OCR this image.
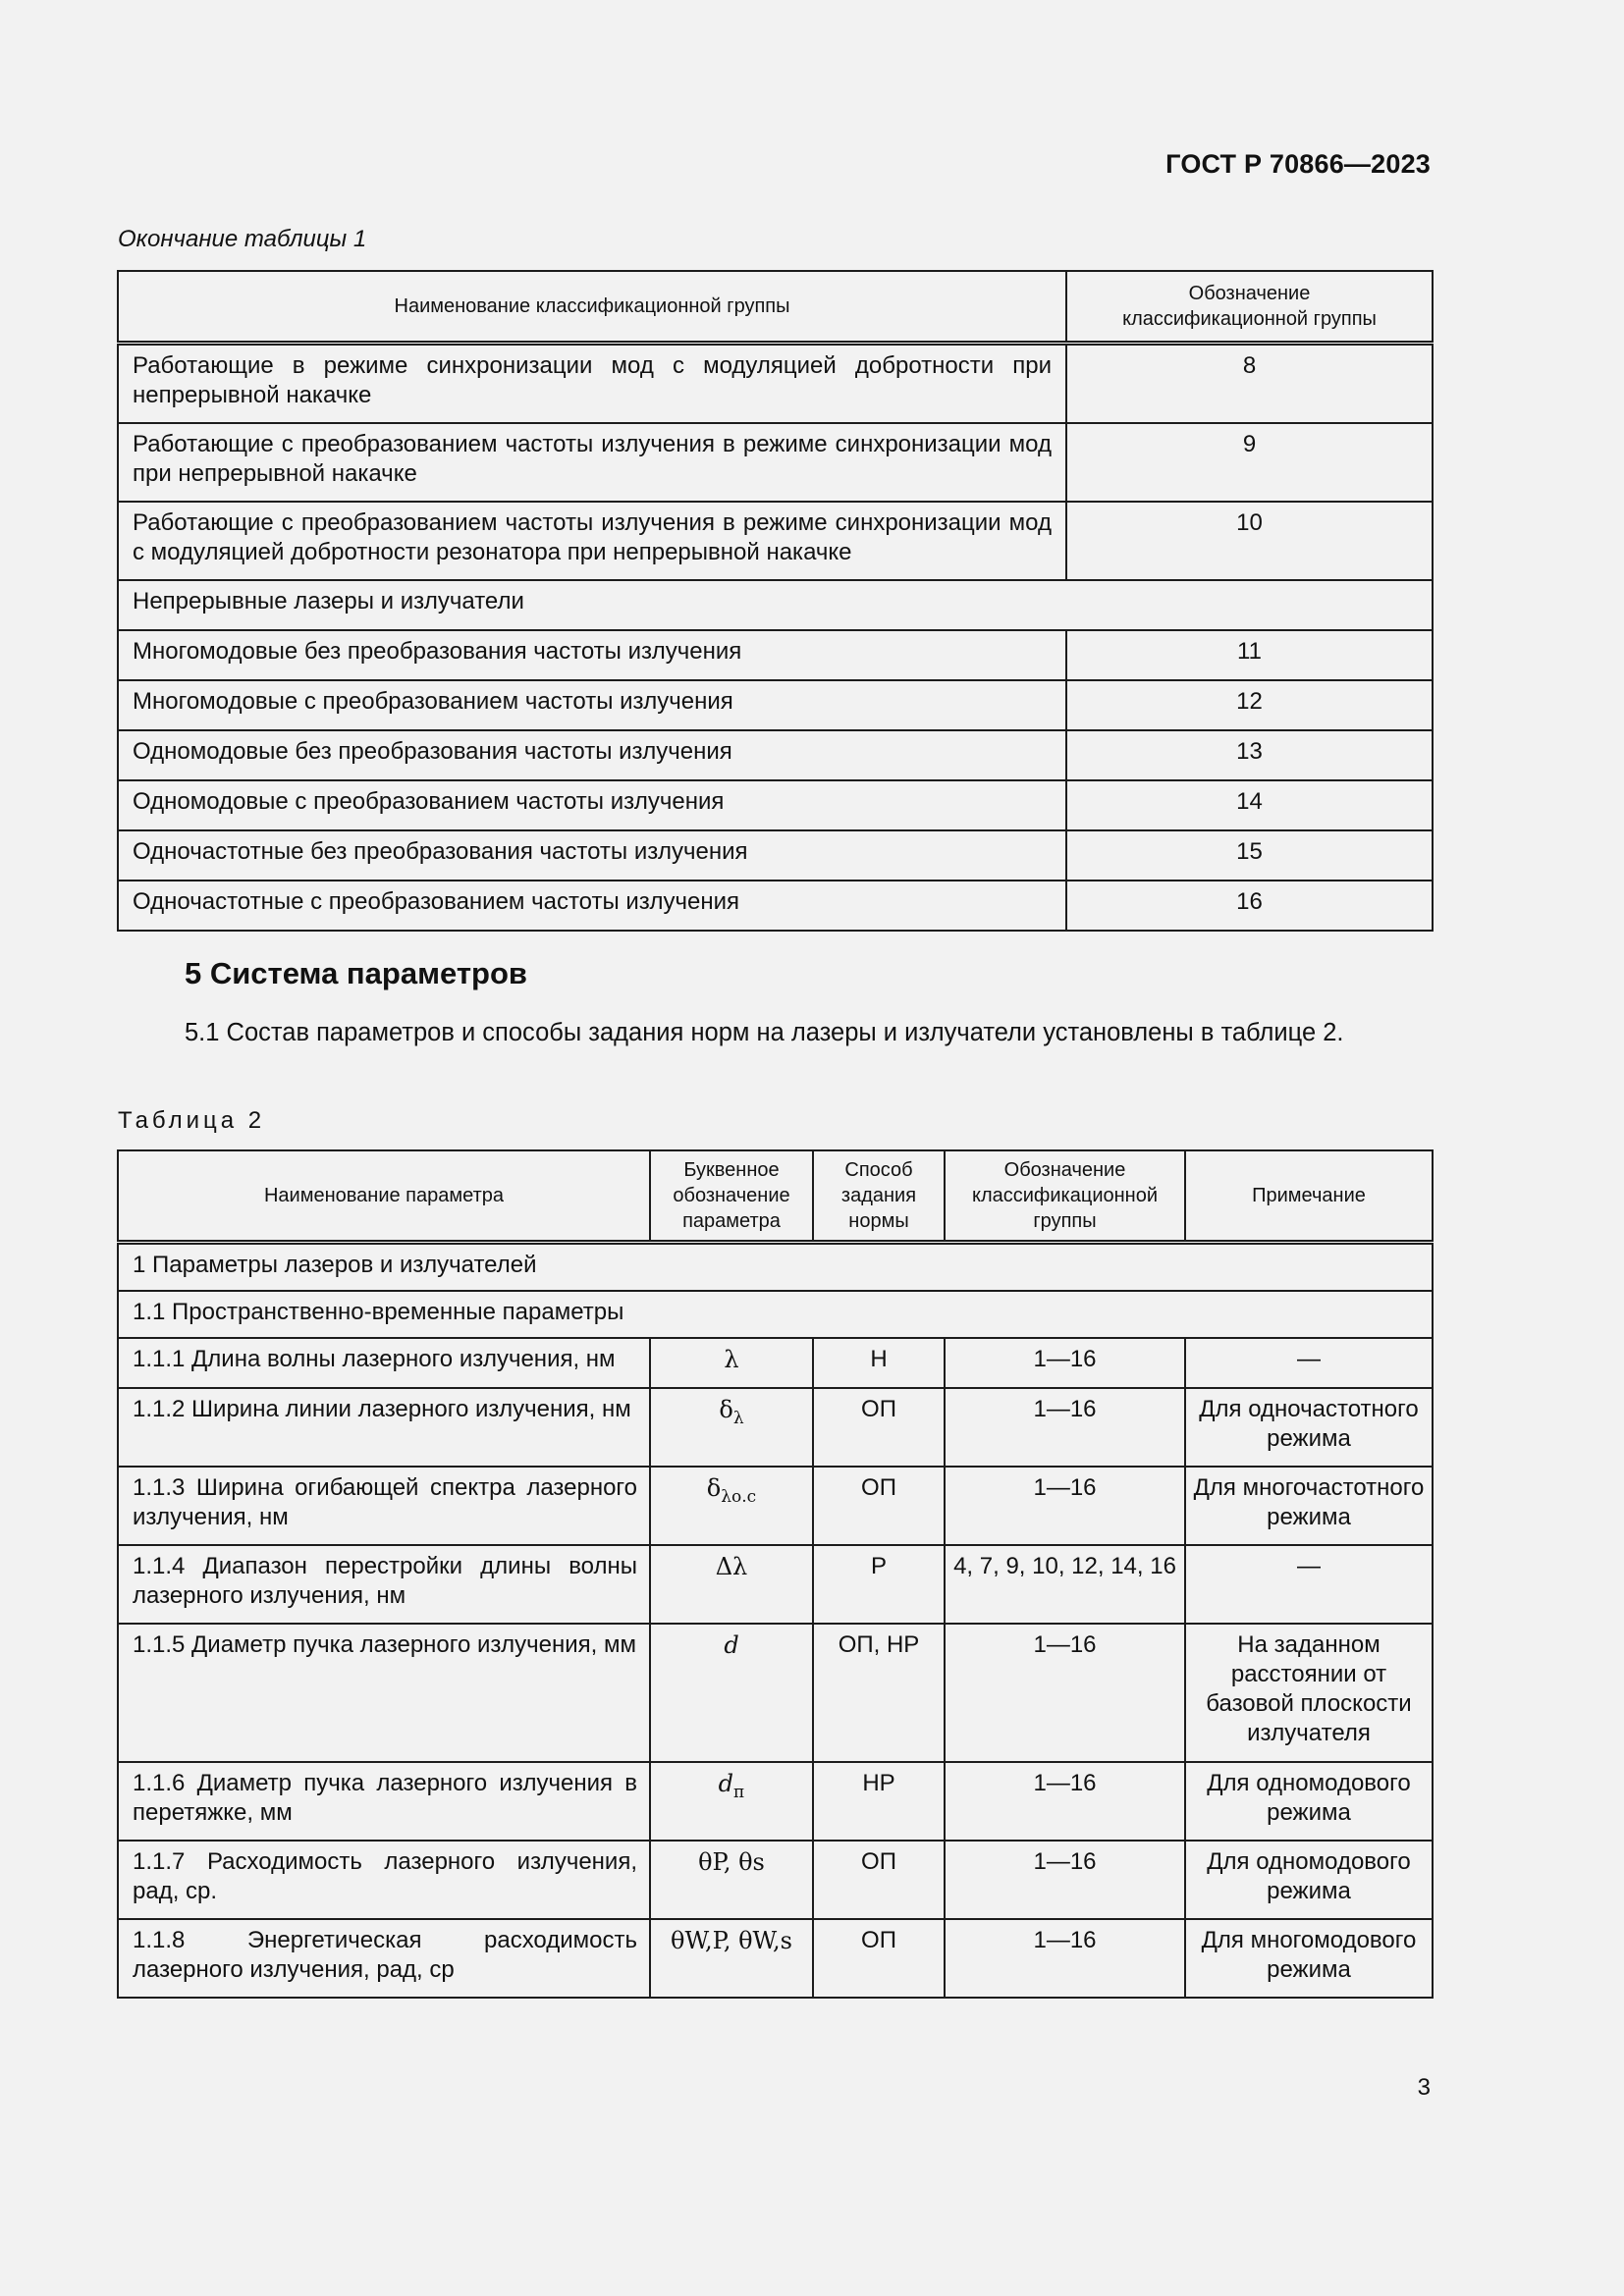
ГОСТ Р 70866—2023
Окончание таблицы 1
Наименование классификационной группы	Обозначение
классификационной группы
Работающие в режиме синхронизации мод с модуляцией добротности при непрерывной накачке	8
Работающие с преобразованием частоты излучения в режиме синхронизации мод при непрерывной накачке	9
Работающие с преобразованием частоты излучения в режиме синхронизации мод с модуляцией добротности резонатора при непрерывной накачке	10
Непрерывные лазеры и излучатели	
Многомодовые без преобразования частоты излучения	11
Многомодовые с преобразованием частоты излучения	12
Одномодовые без преобразования частоты излучения	13
Одномодовые с преобразованием частоты излучения	14
Одночастотные без преобразования частоты излучения	15
Одночастотные с преобразованием частоты излучения	16
5 Система параметров

5.1 Состав параметров и способы задания норм на лазеры и излучатели установлены в таблице 2.

Таблица 2
Наименование параметра	Буквенное обозначение параметра	Способ задания нормы	Обозначение классификационной группы	Примечание
1 Параметры лазеров и излучателей				
1.1 Пространственно-временные параметры				
1.1.1 Длина волны лазерного излучения, нм	λ	Н	1—16	—
1.1.2 Ширина линии лазерного излучения, нм	$\delta_\lambda$	ОП	1—16	Для одночастотного режима
1.1.3 Ширина огибающей спектра лазерного излучения, нм	$\delta_{\lambda о.с}$	ОП	1—16	Для многочастотного режима
1.1.4 Диапазон перестройки длины волны лазерного излучения, нм	Δλ	Р	4, 7, 9, 10, 12, 14, 16	—
1.1.5 Диаметр пучка лазерного излучения, мм	d	ОП, НР	1—16	На заданном расстоянии от базовой плоскости излучателя
1.1.6 Диаметр пучка лазерного излучения в перетяжке, мм	$d_п$	НР	1—16	Для одномодового режима
1.1.7 Расходимость лазерного излучения, рад, ср.	θP, θs	ОП	1—16	Для одномодового режима
1.1.8 Энергетическая расходимость лазерного излучения, рад, ср	θW,P, θW,s	ОП	1—16	Для многомодового режима
3
